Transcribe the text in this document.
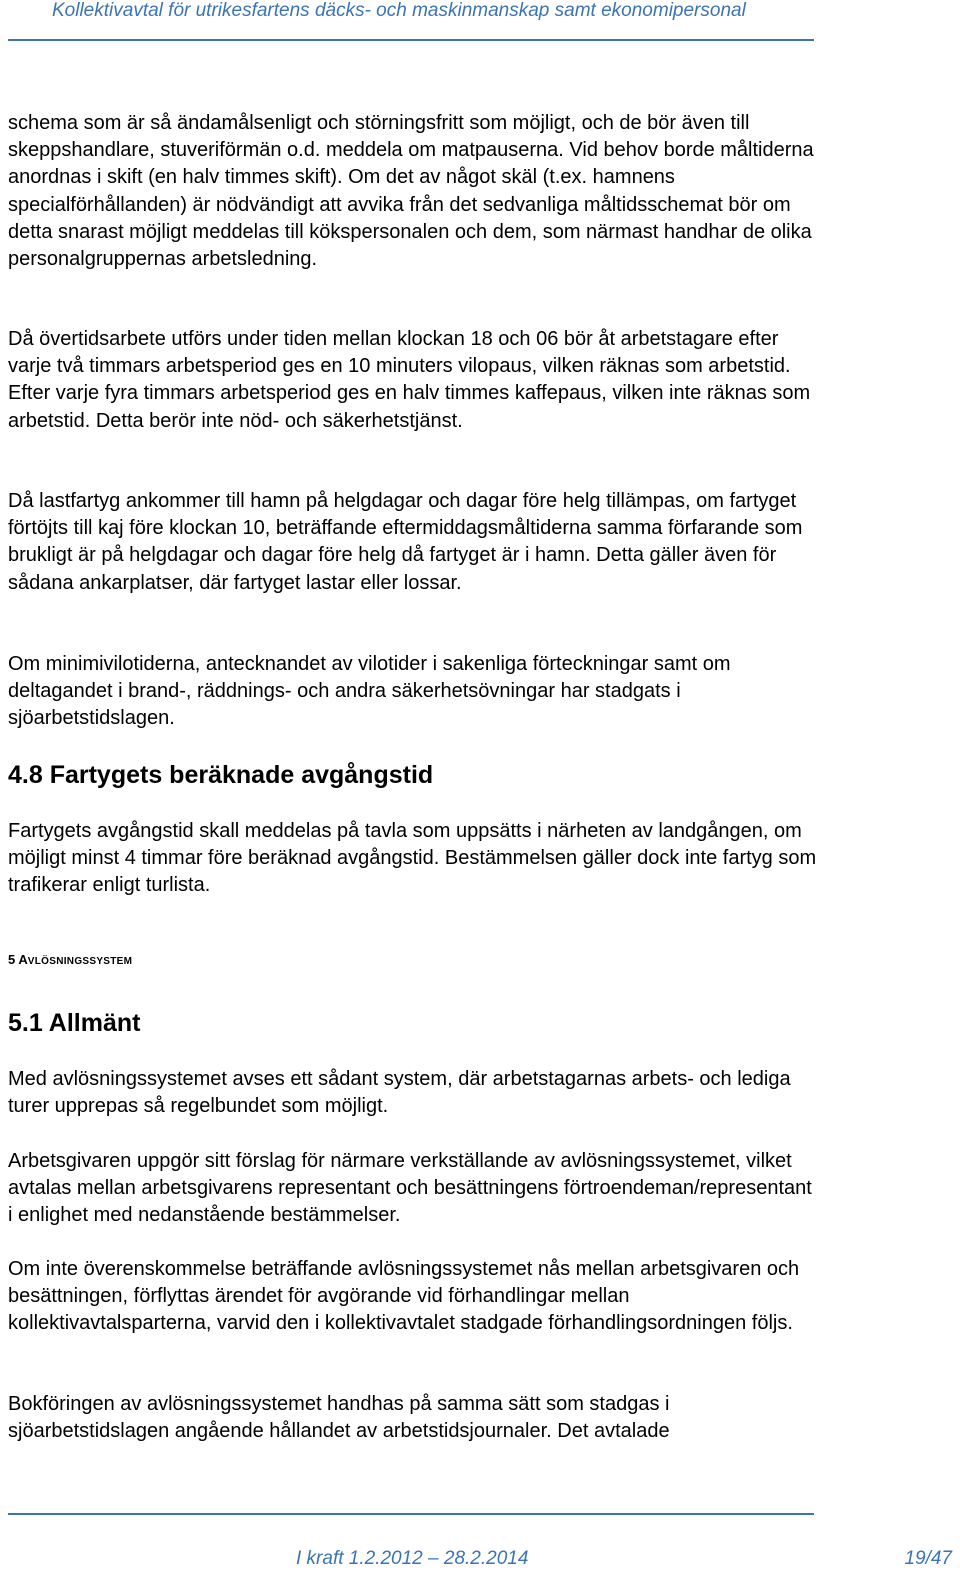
Kollektivavtal för utrikesfartens däcks- och maskinmanskap samt ekonomipersonal

schema som är så ändamålsenligt och störningsfritt som möjligt, och de bör även till skeppshandlare, stuveriförmän o.d. meddela om matpauserna. Vid behov borde måltiderna anordnas i skift (en halv timmes skift). Om det av något skäl (t.ex. hamnens specialförhållanden) är nödvändigt att avvika från det sedvanliga måltidsschemat bör om detta snarast möjligt meddelas till kökspersonalen och dem, som närmast handhar de olika personalgruppernas arbetsledning.

Då övertidsarbete utförs under tiden mellan klockan 18 och 06 bör åt arbetstagare efter varje två timmars arbetsperiod ges en 10 minuters vilopaus, vilken räknas som arbetstid. Efter varje fyra timmars arbetsperiod ges en halv timmes kaffepaus, vilken inte räknas som arbetstid. Detta berör inte nöd- och säkerhetstjänst.

Då lastfartyg ankommer till hamn på helgdagar och dagar före helg tillämpas, om fartyget förtöjts till kaj före klockan 10, beträffande eftermiddagsmåltiderna samma förfarande som brukligt är på helgdagar och dagar före helg då fartyget är i hamn. Detta gäller även för sådana ankarplatser, där fartyget lastar eller lossar.

Om minimivilotiderna, antecknandet av vilotider i sakenliga förteckningar samt om deltagandet i brand-, räddnings- och andra säkerhetsövningar har stadgats i sjöarbetstidslagen.

4.8 Fartygets beräknade avgångstid

Fartygets avgångstid skall meddelas på tavla som uppsätts i närheten av landgången, om möjligt minst 4 timmar före beräknad avgångstid. Bestämmelsen gäller dock inte fartyg som trafikerar enligt turlista.

5 AVLÖSNINGSSYSTEM
5.1 Allmänt

Med avlösningssystemet avses ett sådant system, där arbetstagarnas arbets- och lediga turer upprepas så regelbundet som möjligt.

Arbetsgivaren uppgör sitt förslag för närmare verkställande av avlösningssystemet, vilket avtalas mellan arbetsgivarens representant och besättningens förtroendeman/representant i enlighet med nedanstående bestämmelser.

Om inte överenskommelse beträffande avlösningssystemet nås mellan arbetsgivaren och besättningen, förflyttas ärendet för avgörande vid förhandlingar mellan kollektivavtalsparterna, varvid den i kollektivavtalet stadgade förhandlingsordningen följs.

Bokföringen av avlösningssystemet handhas på samma sätt som stadgas i sjöarbetstidslagen angående hållandet av arbetstidsjournaler. Det avtalade

I kraft 1.2.2012 – 28.2.2014	19/47
